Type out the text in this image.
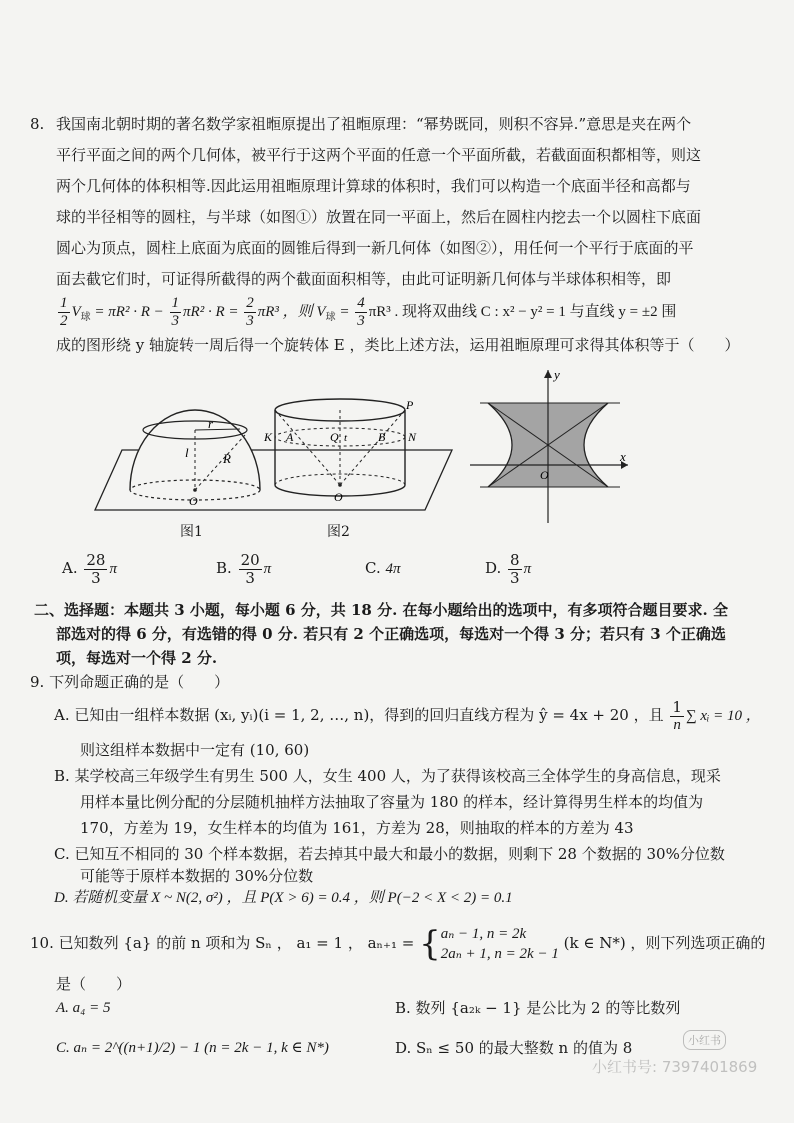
8. 我国南北朝时期的著名数学家祖暅原提出了祖暅原理：“幂势既同，则积不容异.”意思是夹在两个
平行平面之间的两个几何体，被平行于这两个平面的任意一个平面所截，若截面面积都相等，则这
两个几何体的体积相等.因此运用祖暅原理计算球的体积时，我们可以构造一个底面半径和高都与
球的半径相等的圆柱，与半球（如图①）放置在同一平面上，然后在圆柱内挖去一个以圆柱下底面
圆心为顶点，圆柱上底面为底面的圆锥后得到一新几何体（如图②），用任何一个平行于底面的平
面去截它们时，可证得所截得的两个截面面积相等，由此可证明新几何体与半球体积相等，即
$\frac{1}{2} V_球 = \pi R^2 \cdot R - \frac{1}{3} \pi R^2 \cdot R = \frac{2}{3} \pi R^3$ ，则 $V_球 = \frac{4}{3} \pi R^3$ . 现将双曲线 C : x² − y² = 1 与直线 y = ±2 围
成的图形绕 y 轴旋转一周后得一个旋转体 E ，类比上述方法，运用祖暅原理可求得其体积等于（　　）
r
l	R
O
K A	Q t	B N
P
O
图1	图2
y
x
O
A. $\frac{28}{3}$ π	B. $\frac{20}{3}$ π	C. 4π	D. $\frac{8}{3}$ π
二、选择题：本题共 3 小题，每小题 6 分，共 18 分. 在每小题给出的选项中，有多项符合题目要求. 全
部选对的得 6 分，有选错的得 0 分. 若只有 2 个正确选项，每选对一个得 3 分；若只有 3 个正确选
项，每选对一个得 2 分.
9. 下列命题正确的是（　　）
A. 已知由一组样本数据 (xᵢ, yᵢ)(i = 1, 2, …, n)，得到的回归直线方程为 ŷ = 4x + 20 ，且 $\frac{1}{n}$ ∑ xᵢ = 10 ，
则这组样本数据中一定有 (10, 60)
B. 某学校高三年级学生有男生 500 人，女生 400 人，为了获得该校高三全体学生的身高信息，现采
用样本量比例分配的分层随机抽样方法抽取了容量为 180 的样本，经计算得男生样本的均值为
170，方差为 19，女生样本的均值为 161，方差为 28，则抽取的样本的方差为 43
C. 已知互不相同的 30 个样本数据，若去掉其中最大和最小的数据，则剩下 28 个数据的 30%分位数
可能等于原样本数据的 30%分位数
D. 若随机变量 X ~ N(2, σ²) ，且 P(X > 6) = 0.4 ，则 P(−2 < X < 2) = 0.1
10. 已知数列 {a} 的前 n 项和为 Sₙ ， a₁ = 1 ， aₙ₊₁ = { aₙ − 1, n = 2k
2aₙ + 1, n = 2k − 1
(k ∈ N*) ，则下列选项正确的
是（　　）
A. a₄ = 5	B. 数列 {a₂ₖ − 1} 是公比为 2 的等比数列
C. aₙ = 2^((n+1)/2) − 1 (n = 2k − 1, k ∈ N*)	D. Sₙ ≤ 50 的最大整数 n 的值为 8	小红书
小红书号: 7397401869
